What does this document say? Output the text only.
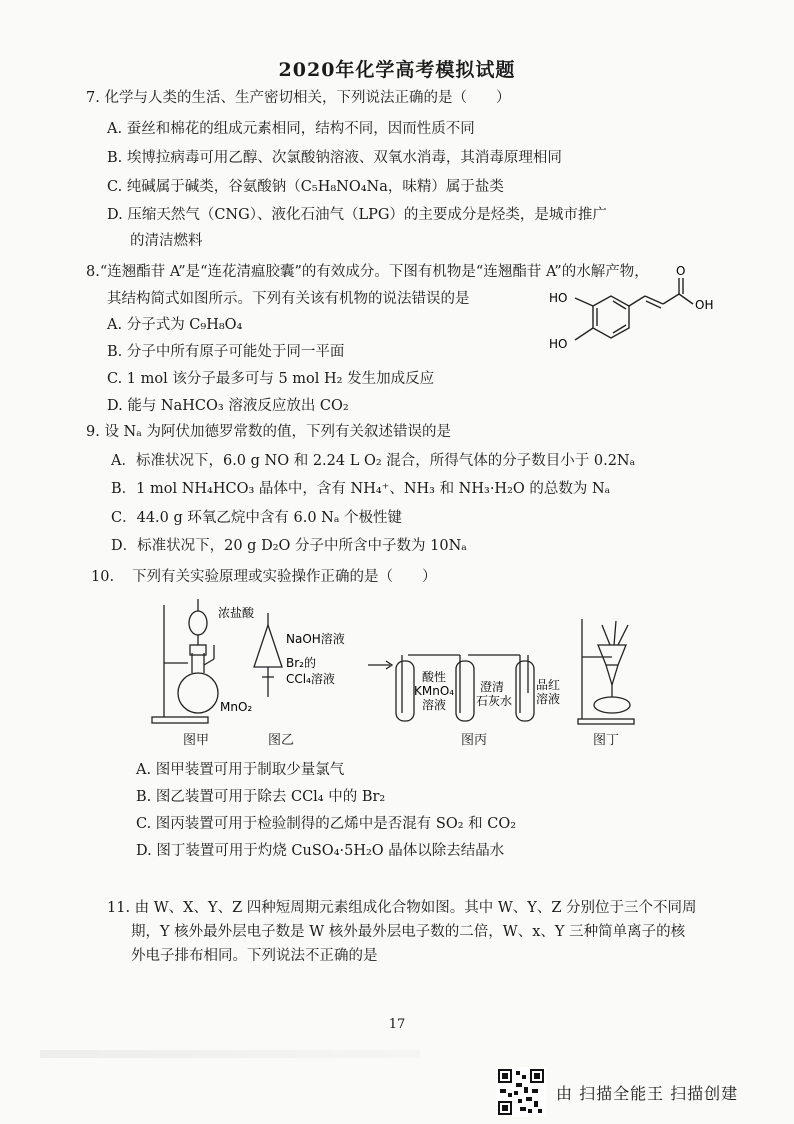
2020年化学高考模拟试题
7. 化学与人类的生活、生产密切相关，下列说法正确的是（　　）
A. 蚕丝和棉花的组成元素相同，结构不同，因而性质不同
B. 埃博拉病毒可用乙醇、次氯酸钠溶液、双氧水消毒，其消毒原理相同
C. 纯碱属于碱类，谷氨酸钠（C₅H₈NO₄Na，味精）属于盐类
D. 压缩天然气（CNG）、液化石油气（LPG）的主要成分是烃类，是城市推广
的清洁燃料
8.“连翘酯苷 A”是“连花清瘟胶囊”的有效成分。下图有机物是“连翘酯苷 A”的水解产物，
其结构简式如图所示。下列有关该有机物的说法错误的是
A. 分子式为 C₉H₈O₄
B. 分子中所有原子可能处于同一平面
C. 1 mol 该分子最多可与 5 mol H₂ 发生加成反应
D. 能与 NaHCO₃ 溶液反应放出 CO₂
HO
HO
OH
O
9. 设 Nₐ 为阿伏加德罗常数的值，下列有关叙述错误的是
A．标准状况下，6.0 g NO 和 2.24 L O₂ 混合，所得气体的分子数目小于 0.2Nₐ
B．1 mol NH₄HCO₃ 晶体中，含有 NH₄⁺、NH₃ 和 NH₃·H₂O 的总数为 Nₐ
C．44.0 g 环氧乙烷中含有 6.0 Nₐ 个极性键
D．标准状况下，20 g D₂O 分子中所含中子数为 10Nₐ
10. 下列有关实验原理或实验操作正确的是（　　）
浓盐酸
MnO₂
NaOH溶液
Br₂的
CCl₄溶液	酸性
KMnO₄
溶液
澄清
石灰水
品红
溶液
图甲	图乙	图丙	图丁
A. 图甲装置可用于制取少量氯气
B. 图乙装置可用于除去 CCl₄ 中的 Br₂
C. 图丙装置可用于检验制得的乙烯中是否混有 SO₂ 和 CO₂
D. 图丁装置可用于灼烧 CuSO₄·5H₂O 晶体以除去结晶水
11. 由 W、X、Y、Z 四种短周期元素组成化合物如图。其中 W、Y、Z 分别位于三个不同周
期，Y 核外最外层电子数是 W 核外最外层电子数的二倍，W、x、Y 三种简单离子的核
外电子排布相同。下列说法不正确的是
17
由 扫描全能王 扫描创建
